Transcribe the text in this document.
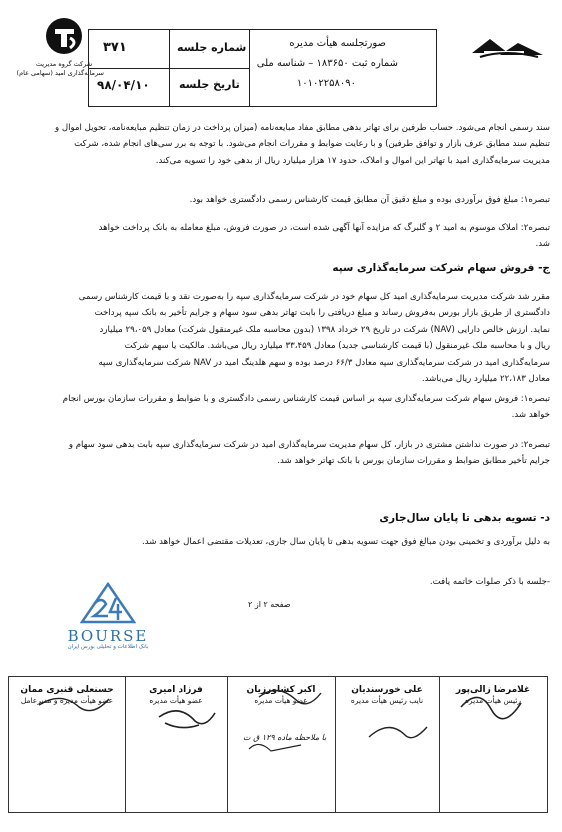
شرکت گروه مدیریت
سرمایه‌گذاری امید (سهامی عام)
۳۷۱	شماره جلسه
۹۸/۰۴/۱۰	تاریخ جلسه
صورتجلسه هیأت مدیره
شماره ثبت ۱۸۳۶۵۰ – شناسه ملی
۱۰۱۰۲۲۵۸۰۹۰

سند رسمی انجام می‌شود. حساب طرفین برای تهاتر بدهی مطابق مفاد مبایعه‌نامه (میزان پرداخت در زمان تنظیم مبایعه‌نامه، تحویل اموال و

تنظیم سند مطابق عرف بازار و توافق طرفین) و با رعایت ضوابط و مقررات انجام می‌شود. با توجه به برر سی‌های انجام شده، شرکت

مدیریت سرمایه‌گذاری امید با تهاتر این اموال و املاک، حدود ۱۷ هزار میلیارد ریال از بدهی خود را تسویه می‌کند.

تبصره۱: مبلغ فوق برآوردی بوده و مبلغ دقیق آن مطابق قیمت کارشناس رسمی دادگستری خواهد بود.

تبصره۲: املاک موسوم به امید ۲ و گلبرگ که مزایده آنها آگهی شده است، در صورت فروش، مبلغ معامله به بانک پرداخت خواهد

شد.

ج- فروش سهام شرکت سرمایه‌گذاری سپه

مقرر شد شرکت مدیریت سرمایه‌گذاری امید کل سهام خود در شرکت سرمایه‌گذاری سپه را به‌صورت نقد و با قیمت کارشناس رسمی

دادگستری از طریق بازار بورس به‌فروش رساند و مبلغ دریافتی را بابت تهاتر بدهی سود سهام و جرایم تأخیر به بانک سپه پرداخت

نماید. ارزش خالص دارایی (NAV) شرکت در تاریخ ۲۹ خرداد ۱۳۹۸ (بدون محاسبه ملک غیرمنقول شرکت) معادل ۲۹،۰۵۹ میلیارد

ریال و با محاسبه ملک غیرمنقول (با قیمت کارشناسی جدید) معادل ۳۳،۴۵۹ میلیارد ریال می‌باشد. مالکیت یا سهم شرکت

سرمایه‌گذاری امید در شرکت سرمایه‌گذاری سپه معادل ۶۶/۳ درصد بوده و سهم هلدینگ امید در NAV شرکت سرمایه‌گذاری سپه

معادل ۲۲،۱۸۳ میلیارد ریال می‌باشد.

تبصره۱: فروش سهام شرکت سرمایه‌گذاری سپه بر اساس قیمت کارشناس رسمی دادگستری و با ضوابط و مقررات سازمان بورس انجام

خواهد شد.

تبصره۲: در صورت نداشتن مشتری در بازار، کل سهام مدیریت سرمایه‌گذاری امید در شرکت سرمایه‌گذاری سپه بابت بدهی سود سهام و

جرایم تأخیر مطابق ضوابط و مقررات سازمان بورس با بانک تهاتر خواهد شد.

د- تسویه بدهی تا پایان سال‌جاری

به دلیل برآوردی و تخمینی بودن مبالغ فوق جهت تسویه بدهی تا پایان سال جاری، تعدیلات مقتضی اعمال خواهد شد.

-جلسه با ذکر صلوات خاتمه یافت.

صفحه ۲ از ۲
BOURSE
بانک اطلاعات و تحلیلی بورس ایران
غلامرضا زالی‌پور
رئیس هیأت مدیره
علی خورسندیان
نایب رئیس هیأت مدیره
اکبر کشاورزیان
عضو هیأت مدیره
فرزاد امیری
عضو هیأت مدیره
حسنعلی قنبری ممان
عضو هیأت مدیره و مدیرعامل
با ملاحظه ماده ۱۲۹ ق ت
